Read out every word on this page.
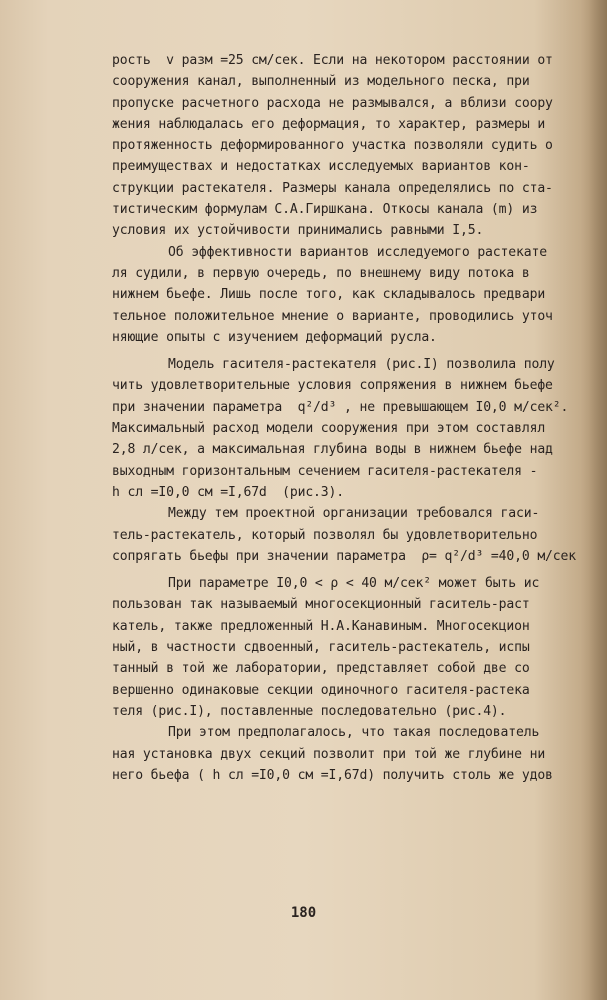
рость  v разм =25 см/сек. Если на некотором расстоянии от
сооружения канал, выполненный из модельного песка, при
пропуске расчетного расхода не размывался, а вблизи соору
жения наблюдалась его деформация, то характер, размеры и
протяженность деформированного участка позволяли судить о
преимуществах и недостатках исследуемых вариантов кон-
струкции растекателя. Размеры канала определялись по ста-
тистическим формулам С.А.Гиршкана. Откосы канала (m) из
условия их устойчивости принимались равными I,5.
Об эффективности вариантов исследуемого растекате
ля судили, в первую очередь, по внешнему виду потока в
нижнем бьефе. Лишь после того, как складывалось предвари
тельное положительное мнение о варианте, проводились уточ
няющие опыты с изучением деформаций русла.
Модель гасителя-растекателя (рис.I) позволила полу
чить удовлетворительные условия сопряжения в нижнем бьефе
при значении параметра  q²/d³ , не превышающем I0,0 м/сек².
Максимальный расход модели сооружения при этом составлял
2,8 л/сек, а максимальная глубина воды в нижнем бьефе над
выходным горизонтальным сечением гасителя-растекателя -
h сл =I0,0 см =I,67d  (рис.3).
Между тем проектной организации требовался гаси-
тель-растекатель, который позволял бы удовлетворительно
сопрягать бьефы при значении параметра  ρ= q²/d³ =40,0 м/сек
При параметре I0,0 < ρ < 40 м/сек² может быть ис
пользован так называемый многосекционный гаситель-раст
катель, также предложенный Н.А.Канавиным. Многосекцион
ный, в частности сдвоенный, гаситель-растекатель, испы
танный в той же лаборатории, представляет собой две со
вершенно одинаковые секции одиночного гасителя-растека
теля (рис.I), поставленные последовательно (рис.4).
При этом предполагалось, что такая последователь
ная установка двух секций позволит при той же глубине ни
него бьефа ( h сл =I0,0 см =I,67d) получить столь же удов
180
